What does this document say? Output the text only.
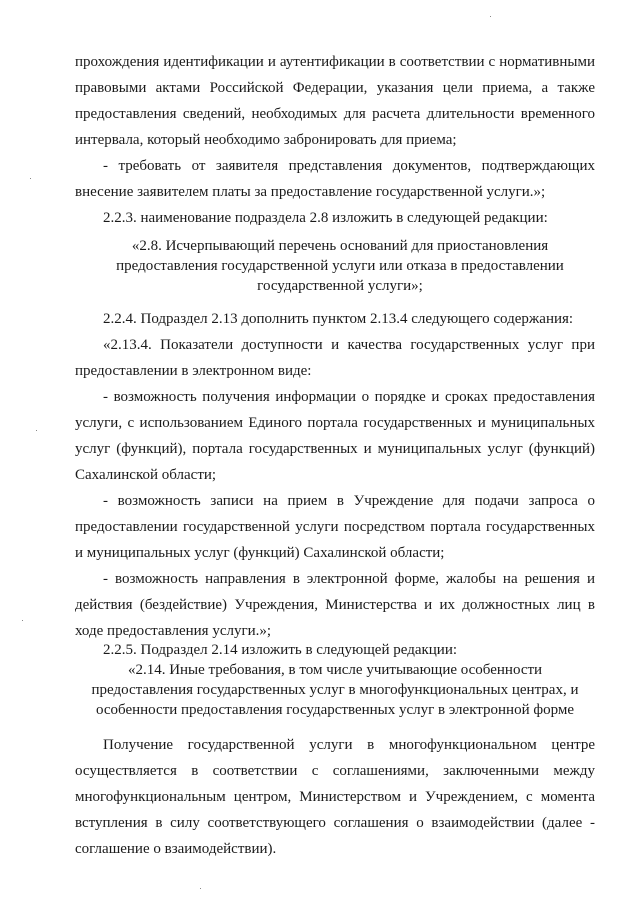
прохождения идентификации и аутентификации в соответствии с нормативными правовыми актами Российской Федерации, указания цели приема, а также предоставления сведений, необходимых для расчета длительности временного интервала, который необходимо забронировать для приема;

- требовать от заявителя представления документов, подтверждающих внесение заявителем платы за предоставление государственной услуги.»;

2.2.3. наименование подраздела 2.8 изложить в следующей редакции:

«2.8. Исчерпывающий перечень оснований для приостановления предоставления государственной услуги или отказа в предоставлении государственной услуги»;

2.2.4. Подраздел 2.13 дополнить пунктом 2.13.4 следующего содержания:

«2.13.4. Показатели доступности и качества государственных услуг при предоставлении в электронном виде:

- возможность получения информации о порядке и сроках предоставления услуги, с использованием Единого портала государственных и муниципальных услуг (функций), портала государственных и муниципальных услуг (функций) Сахалинской области;

- возможность записи на прием в Учреждение для подачи запроса о предоставлении государственной услуги посредством портала государственных и муниципальных услуг (функций) Сахалинской области;

- возможность направления в электронной форме, жалобы на решения и действия (бездействие) Учреждения, Министерства и их должностных лиц в ходе предоставления услуги.»;

2.2.5. Подраздел 2.14 изложить в следующей редакции:

«2.14. Иные требования, в том числе учитывающие особенности предоставления государственных услуг в многофункциональных центрах, и особенности предоставления государственных услуг в электронной форме

Получение государственной услуги в многофункциональном центре осуществляется в соответствии с соглашениями, заключенными между многофункциональным центром, Министерством и Учреждением, с момента вступления в силу соответствующего соглашения о взаимодействии (далее - соглашение о взаимодействии).
